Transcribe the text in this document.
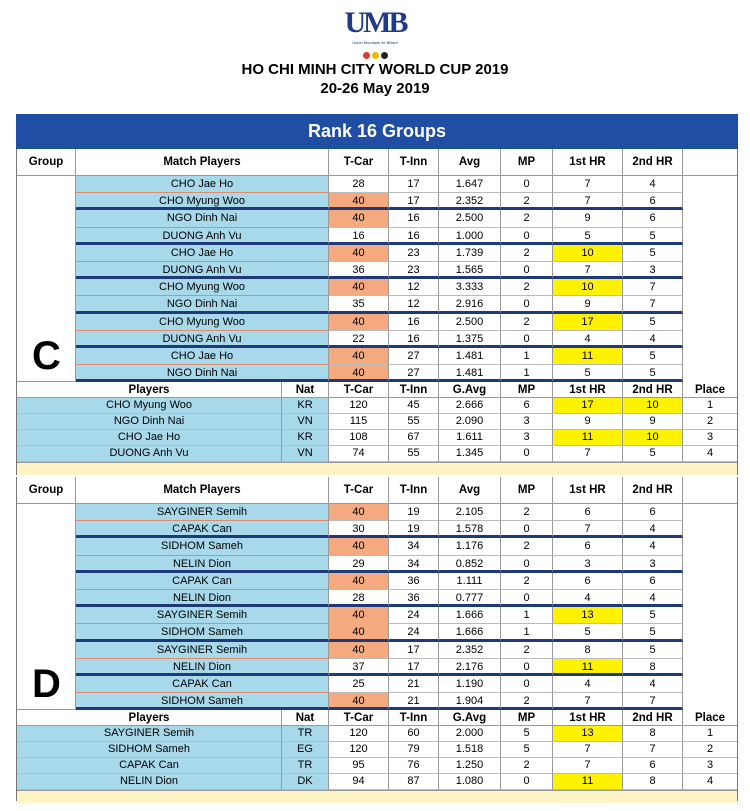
UMB
Union Mondiale de Billard
HO CHI MINH CITY WORLD CUP 2019
20-26 May 2019
Rank 16 Groups
Group	Match Players	T-Car	T-Inn	Avg	MP	1st HR	2nd HR
C
CHO Jae Ho	28	17	1.647	0	7	4
CHO Myung Woo	40	17	2.352	2	7	6
NGO Dinh Nai	40	16	2.500	2	9	6
DUONG Anh Vu	16	16	1.000	0	5	5
CHO Jae Ho	40	23	1.739	2	10	5
DUONG Anh Vu	36	23	1.565	0	7	3
CHO Myung Woo	40	12	3.333	2	10	7
NGO Dinh Nai	35	12	2.916	0	9	7
CHO Myung Woo	40	16	2.500	2	17	5
DUONG Anh Vu	22	16	1.375	0	4	4
CHO Jae Ho	40	27	1.481	1	11	5
NGO Dinh Nai	40	27	1.481	1	5	5
Players	Nat	T-Car	T-Inn	G.Avg	MP	1st HR	2nd HR	Place
CHO Myung Woo	KR	120	45	2.666	6	17	10	1
NGO Dinh Nai	VN	115	55	2.090	3	9	9	2
CHO Jae Ho	KR	108	67	1.611	3	11	10	3
DUONG Anh Vu	VN	74	55	1.345	0	7	5	4
Group	Match Players	T-Car	T-Inn	Avg	MP	1st HR	2nd HR
D
SAYGINER Semih	40	19	2.105	2	6	6
CAPAK Can	30	19	1.578	0	7	4
SIDHOM Sameh	40	34	1.176	2	6	4
NELIN Dion	29	34	0.852	0	3	3
CAPAK Can	40	36	1.111	2	6	6
NELIN Dion	28	36	0.777	0	4	4
SAYGINER Semih	40	24	1.666	1	13	5
SIDHOM Sameh	40	24	1.666	1	5	5
SAYGINER Semih	40	17	2.352	2	8	5
NELIN Dion	37	17	2.176	0	11	8
CAPAK Can	25	21	1.190	0	4	4
SIDHOM Sameh	40	21	1.904	2	7	7
Players	Nat	T-Car	T-Inn	G.Avg	MP	1st HR	2nd HR	Place
SAYGINER Semih	TR	120	60	2.000	5	13	8	1
SIDHOM Sameh	EG	120	79	1.518	5	7	7	2
CAPAK Can	TR	95	76	1.250	2	7	6	3
NELIN Dion	DK	94	87	1.080	0	11	8	4
